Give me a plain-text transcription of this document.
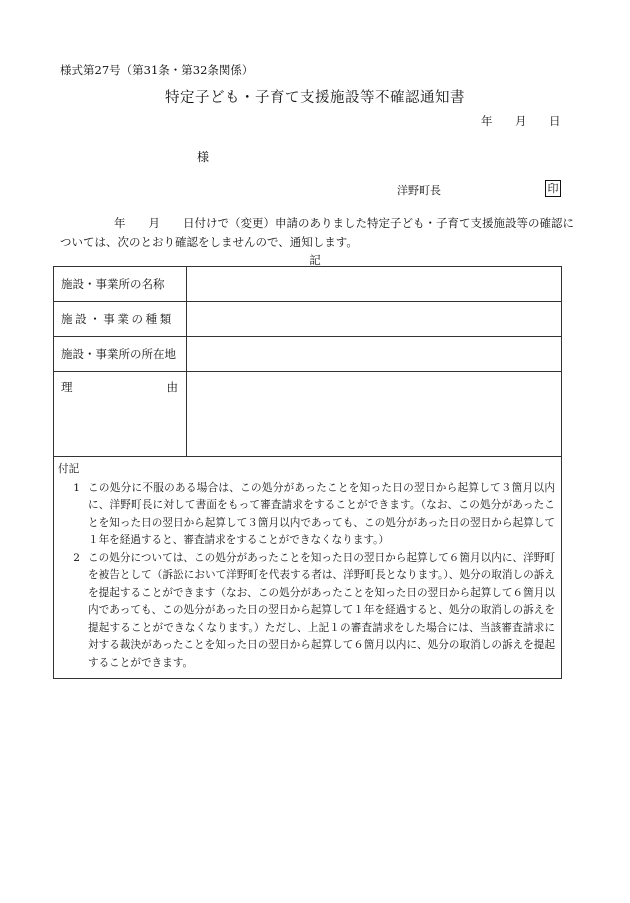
様式第27号（第31条・第32条関係）
特定子ども・子育て支援施設等不確認通知書
年 月 日
様
洋野町長	印
年　　月　　日付けで（変更）申請のありました特定子ども・子育て支援施設等の確認に
ついては、次のとおり確認をしませんので、通知します。
記
施設・事業所の名称	
施設・事業の種類	
施設・事業所の所在地	

理 由	

付記
1 この処分に不服のある場合は、この処分があったことを知った日の翌日から起算して３箇月以内に、洋野町長に対して書面をもって審査請求をすることができます。（なお、この処分があったことを知った日の翌日から起算して３箇月以内であっても、この処分があった日の翌日から起算して１年を経過すると、審査請求をすることができなくなります。）
2 この処分については、この処分があったことを知った日の翌日から起算して６箇月以内に、洋野町を被告として（訴訟において洋野町を代表する者は、洋野町長となります。）、処分の取消しの訴えを提起することができます（なお、この処分があったことを知った日の翌日から起算して６箇月以内であっても、この処分があった日の翌日から起算して１年を経過すると、処分の取消しの訴えを提起することができなくなります。）ただし、上記１の審査請求をした場合には、当該審査請求に対する裁決があったことを知った日の翌日から起算して６箇月以内に、処分の取消しの訴えを提起することができます。	
